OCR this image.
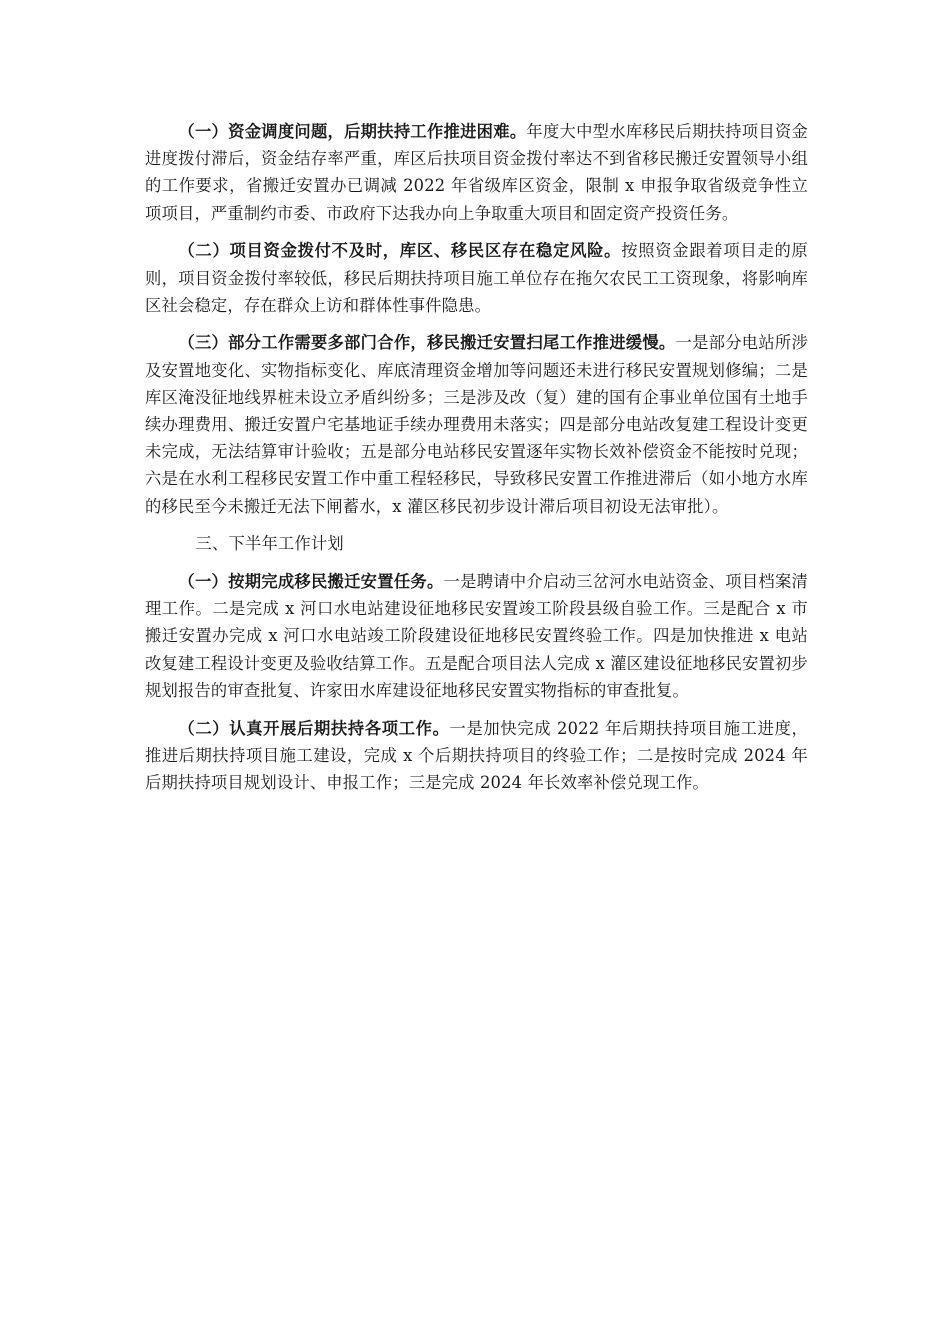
（一）资金调度问题，后期扶持工作推进困难。年度大中型水库移民后期扶持项目资金进度拨付滞后，资金结存率严重，库区后扶项目资金拨付率达不到省移民搬迁安置领导小组的工作要求，省搬迁安置办已调减 2022 年省级库区资金，限制 x 申报争取省级竞争性立项项目，严重制约市委、市政府下达我办向上争取重大项目和固定资产投资任务。

（二）项目资金拨付不及时，库区、移民区存在稳定风险。按照资金跟着项目走的原则，项目资金拨付率较低，移民后期扶持项目施工单位存在拖欠农民工工资现象，将影响库区社会稳定，存在群众上访和群体性事件隐患。

（三）部分工作需要多部门合作，移民搬迁安置扫尾工作推进缓慢。一是部分电站所涉及安置地变化、实物指标变化、库底清理资金增加等问题还未进行移民安置规划修编；二是库区淹没征地线界桩未设立矛盾纠纷多；三是涉及改（复）建的国有企事业单位国有土地手续办理费用、搬迁安置户宅基地证手续办理费用未落实；四是部分电站改复建工程设计变更未完成，无法结算审计验收；五是部分电站移民安置逐年实物长效补偿资金不能按时兑现；六是在水利工程移民安置工作中重工程轻移民，导致移民安置工作推进滞后（如小地方水库的移民至今未搬迁无法下闸蓄水，x 灌区移民初步设计滞后项目初设无法审批）。

三、下半年工作计划

（一）按期完成移民搬迁安置任务。一是聘请中介启动三岔河水电站资金、项目档案清理工作。二是完成 x 河口水电站建设征地移民安置竣工阶段县级自验工作。三是配合 x 市搬迁安置办完成 x 河口水电站竣工阶段建设征地移民安置终验工作。四是加快推进 x 电站改复建工程设计变更及验收结算工作。五是配合项目法人完成 x 灌区建设征地移民安置初步规划报告的审查批复、许家田水库建设征地移民安置实物指标的审查批复。

（二）认真开展后期扶持各项工作。一是加快完成 2022 年后期扶持项目施工进度，推进后期扶持项目施工建设，完成 x 个后期扶持项目的终验工作；二是按时完成 2024 年后期扶持项目规划设计、申报工作；三是完成 2024 年长效率补偿兑现工作。
